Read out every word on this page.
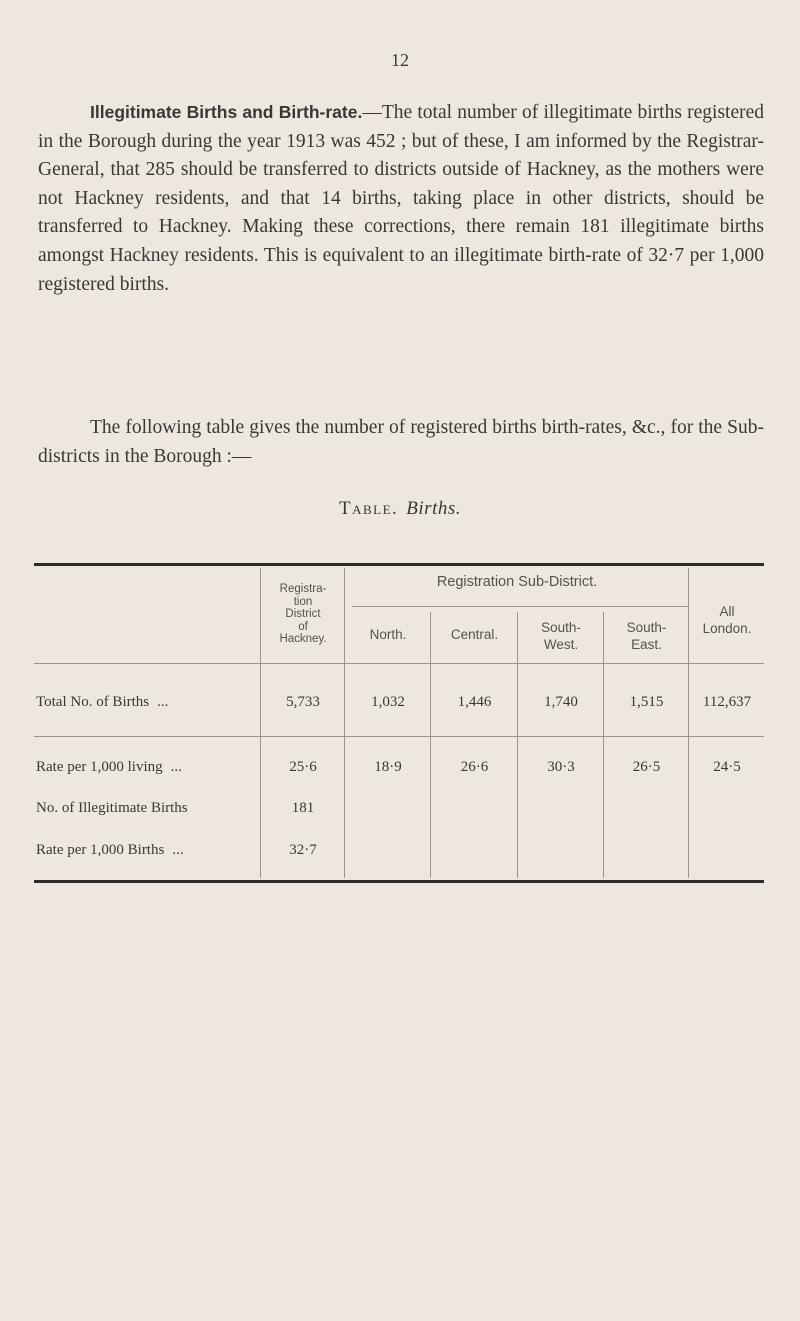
12

Illegitimate Births and Birth-rate.—The total number of illegitimate births registered in the Borough during the year 1913 was 452 ; but of these, I am informed by the Registrar-General, that 285 should be transferred to districts outside of Hackney, as the mothers were not Hackney residents, and that 14 births, taking place in other districts, should be transferred to Hackney. Making these corrections, there remain 181 illegitimate births amongst Hackney residents. This is equivalent to an illegitimate birth-rate of 32·7 per 1,000 registered births.

The following table gives the number of registered births birth-rates, &c., for the Sub-districts in the Borough :—

Table. Births.
Registra-
tion
District
of
Hackney.
Registration Sub-District.
North.	Central.	South-
West.
South-
East.
All
London.
Total No. of Births ...	5,733	1,032	1,446	1,740	1,515	112,637
Rate per 1,000 living ...	25·6	18·9	26·6	30·3	26·5	24·5
No. of Illegitimate Births	181
Rate per 1,000 Births ...	32·7
